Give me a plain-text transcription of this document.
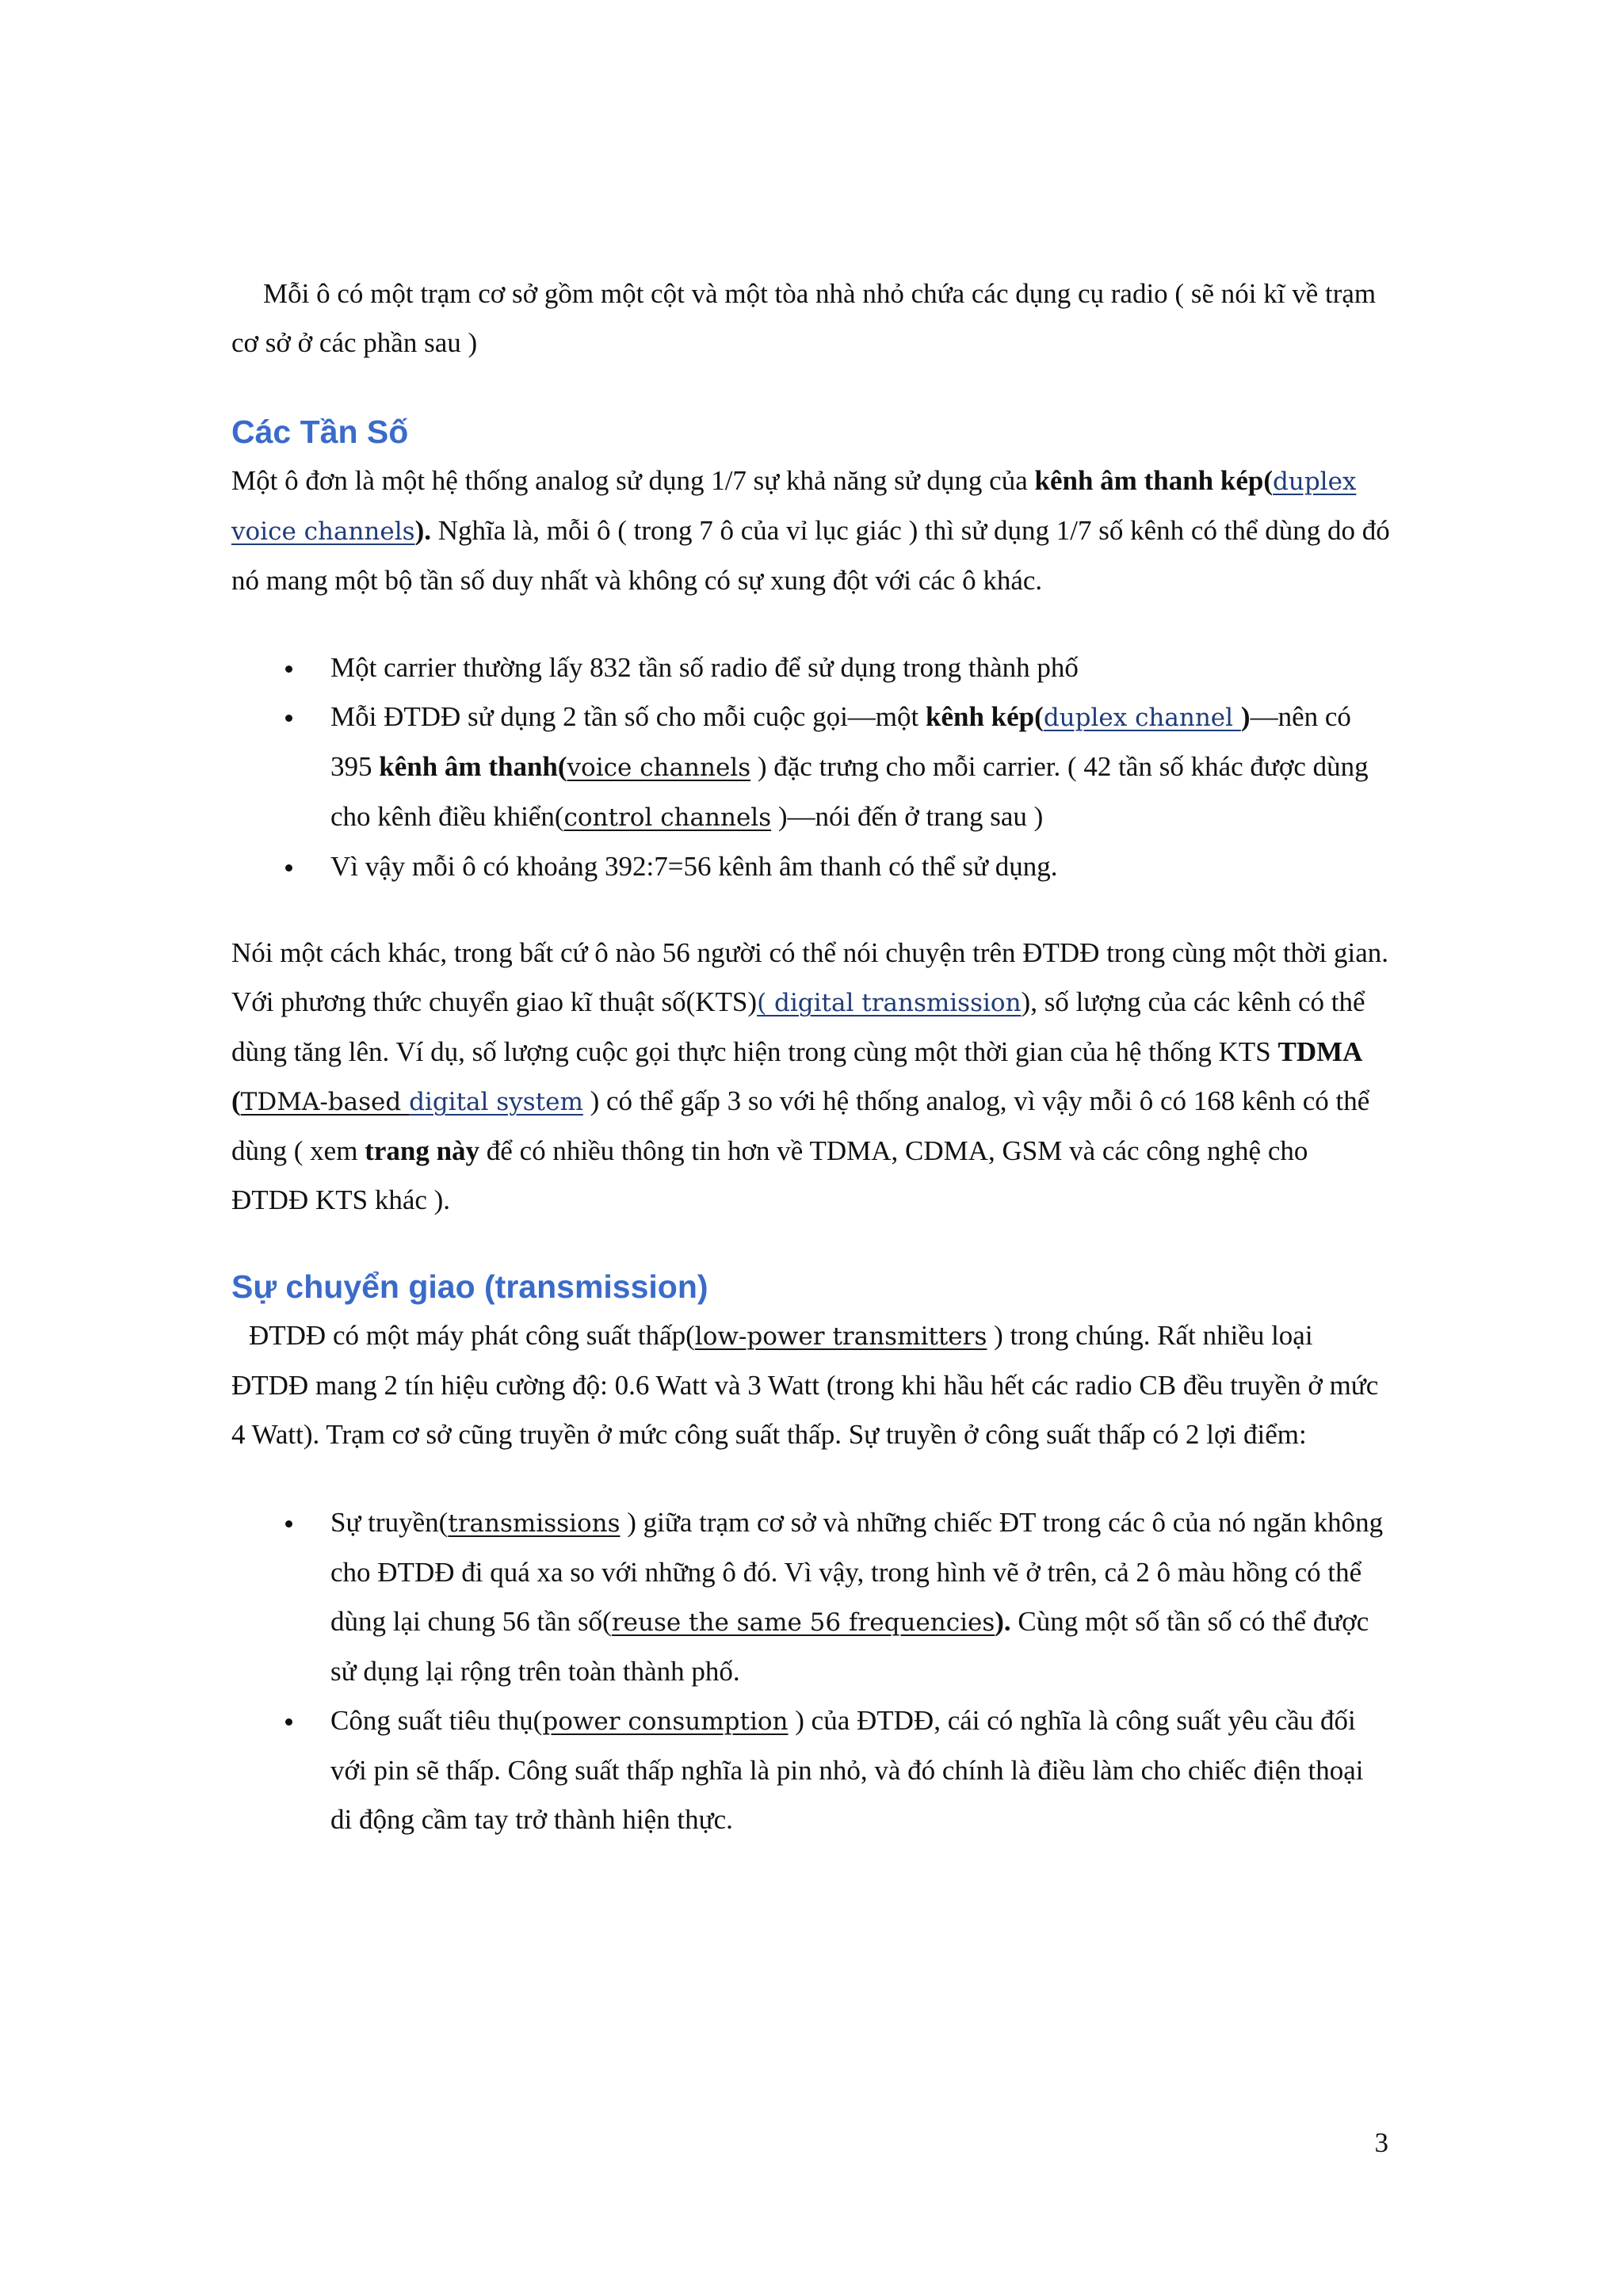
Mỗi ô có một trạm cơ sở gồm một cột và một tòa nhà nhỏ chứa các dụng cụ radio ( sẽ nói kĩ về trạm cơ sở ở các phần sau )

Các Tần Số

Một ô đơn là một hệ thống analog sử dụng 1/7 sự khả năng sử dụng của kênh âm thanh kép(duplex voice channels). Nghĩa là, mỗi ô ( trong 7 ô của vỉ lục giác ) thì sử dụng 1/7 số kênh có thể dùng do đó nó mang một bộ tần số duy nhất và không có sự xung đột với các ô khác.

Một carrier thường lấy 832 tần số radio để sử dụng trong thành phố
Mỗi ĐTDĐ sử dụng 2 tần số cho mỗi cuộc gọi—một kênh kép(duplex channel )—nên có 395 kênh âm thanh(voice channels ) đặc trưng cho mỗi carrier. ( 42 tần số khác được dùng cho kênh điều khiển(control channels )—nói đến ở trang sau )
Vì vậy mỗi ô có khoảng 392:7=56 kênh âm thanh có thể sử dụng.

Nói một cách khác, trong bất cứ ô nào 56 người có thể nói chuyện trên ĐTDĐ trong cùng một thời gian. Với phương thức chuyển giao kĩ thuật số(KTS)( digital transmission), số lượng của các kênh có thể dùng tăng lên. Ví dụ, số lượng cuộc gọi thực hiện trong cùng một thời gian của hệ thống KTS TDMA (TDMA-based digital system ) có thể gấp 3 so với hệ thống analog, vì vậy mỗi ô có 168 kênh có thể dùng ( xem trang này để có nhiều thông tin hơn về TDMA, CDMA, GSM và các công nghệ cho ĐTDĐ KTS khác ).

Sự chuyển giao (transmission)

ĐTDĐ có một máy phát công suất thấp(low-power transmitters ) trong chúng. Rất nhiều loại ĐTDĐ mang 2 tín hiệu cường độ: 0.6 Watt và 3 Watt (trong khi hầu hết các radio CB đều truyền ở mức 4 Watt). Trạm cơ sở cũng truyền ở mức công suất thấp. Sự truyền ở công suất thấp có 2 lợi điểm:

Sự truyền(transmissions ) giữa trạm cơ sở và những chiếc ĐT trong các ô của nó ngăn không cho ĐTDĐ đi quá xa so với những ô đó. Vì vậy, trong hình vẽ ở trên, cả 2 ô màu hồng có thể dùng lại chung 56 tần số(reuse the same 56 frequencies). Cùng một số tần số có thể được sử dụng lại rộng trên toàn thành phố.
Công suất tiêu thụ(power consumption ) của ĐTDĐ, cái có nghĩa là công suất yêu cầu đối với pin sẽ thấp. Công suất thấp nghĩa là pin nhỏ, và đó chính là điều làm cho chiếc điện thoại di động cầm tay trở thành hiện thực.
3
